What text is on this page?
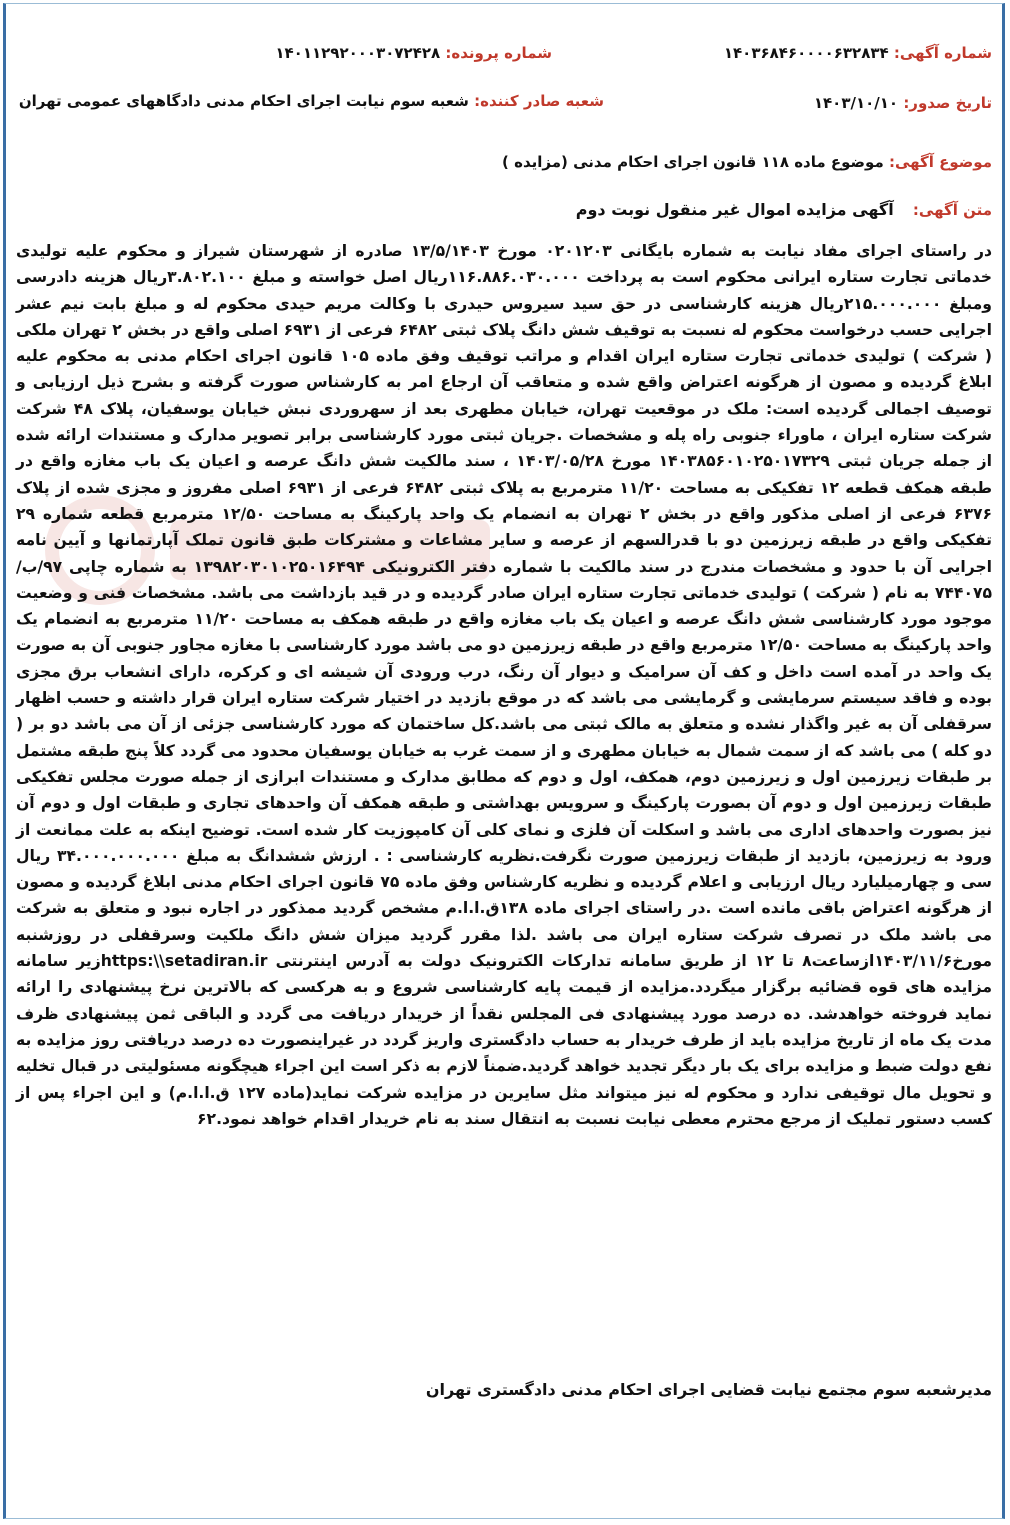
شماره آگهی: ۱۴۰۳۶۸۴۶۰۰۰۰۶۳۲۸۳۴
شماره پرونده: ۱۴۰۱۱۲۹۲۰۰۰۳۰۷۲۴۲۸
تاریخ صدور: ۱۴۰۳/۱۰/۱۰
شعبه صادر کننده: شعبه سوم نیابت اجرای احکام مدنی دادگاههای عمومی تهران
موضوع آگهی: موضوع ماده ۱۱۸ قانون اجرای احکام مدنی (مزایده )
متن آگهی: آگهی مزایده اموال غیر منقول نوبت دوم
در راستای اجرای مفاد نیابت به شماره بایگانی ۰۲۰۱۲۰۳ مورخ ۱۳/۵/۱۴۰۳ صادره از شهرستان شیراز و محکوم علیه تولیدی خدماتی تجارت ستاره ایرانی محکوم است به پرداخت ۱۱۶.۸۸۶.۰۳۰.۰۰۰ریال اصل خواسته و مبلغ ۳.۸۰۲.۱۰۰ریال هزینه دادرسی ومبلغ ۲۱۵.۰۰۰.۰۰۰ریال هزینه کارشناسی در حق سید سیروس حیدری با وکالت مریم حیدی محکوم له و مبلغ بابت نیم عشر اجرایی حسب درخواست محکوم له نسبت به توقیف شش دانگ پلاک ثبتی ۶۴۸۲ فرعی از ۶۹۳۱ اصلی واقع در بخش ۲ تهران ملکی ( شرکت ) تولیدی خدماتی تجارت ستاره ایران اقدام و مراتب توقیف وفق ماده ۱۰۵ قانون اجرای احکام مدنی به محکوم علیه ابلاغ گردیده و مصون از هرگونه اعتراض واقع شده و متعاقب آن ارجاع امر به کارشناس صورت گرفته و بشرح ذیل ارزیابی و توصیف اجمالی گردیده است: ملک در موقعیت تهران، خیابان مطهری بعد از سهروردی نبش خیابان یوسفیان، پلاک ۴۸ شرکت شرکت ستاره ایران ، ماوراء جنوبی راه پله و مشخصات .جریان ثبتی مورد کارشناسی برابر تصویر مدارک و مستندات ارائه شده از جمله جریان ثبتی ۱۴۰۳۸۵۶۰۱۰۲۵۰۱۷۳۲۹ مورخ ۱۴۰۳/۰۵/۲۸ ، سند مالکیت شش دانگ عرصه و اعیان یک باب مغازه واقع در طبقه همکف قطعه ۱۲ تفکیکی به مساحت ۱۱/۲۰ مترمربع به پلاک ثبتی ۶۴۸۲ فرعی از ۶۹۳۱ اصلی مفروز و مجزی شده از پلاک ۶۳۷۶ فرعی از اصلی مذکور واقع در بخش ۲ تهران به انضمام یک واحد پارکینگ به مساحت ۱۲/۵۰ مترمربع قطعه شماره ۲۹ تفکیکی واقع در طبقه زیرزمین دو با قدرالسهم از عرصه و سایر مشاعات و مشترکات طبق قانون تملک آپارتمانها و آیین نامه اجرایی آن با حدود و مشخصات مندرج در سند مالکیت با شماره دفتر الکترونیکی ۱۳۹۸۲۰۳۰۱۰۲۵۰۱۶۴۹۴ به شماره چاپی ۹۷/ب/۷۴۴۰۷۵ به نام ( شرکت ) تولیدی خدماتی تجارت ستاره ایران صادر گردیده و در قید بازداشت می باشد. مشخصات فنی و وضعیت موجود مورد کارشناسی شش دانگ عرصه و اعیان یک باب مغازه واقع در طبقه همکف به مساحت ۱۱/۲۰ مترمربع به انضمام یک واحد پارکینگ به مساحت ۱۲/۵۰ مترمربع واقع در طبقه زیرزمین دو می باشد مورد کارشناسی با مغازه مجاور جنوبی آن به صورت یک واحد در آمده است داخل و کف آن سرامیک و دیوار آن رنگ، درب ورودی آن شیشه ای و کرکره، دارای انشعاب برق مجزی بوده و فاقد سیستم سرمایشی و گرمایشی می باشد که در موقع بازدید در اختیار شرکت ستاره ایران قرار داشته و حسب اظهار سرقفلی آن به غیر واگذار نشده و متعلق به مالک ثبتی می باشد.کل ساختمان که مورد کارشناسی جزئی از آن می باشد دو بر ( دو کله ) می باشد که از سمت شمال به خیابان مطهری و از سمت غرب به خیابان یوسفیان محدود می گردد کلاً پنج طبقه مشتمل بر طبقات زیرزمین اول و زیرزمین دوم، همکف، اول و دوم که مطابق مدارک و مستندات ابرازی از جمله صورت مجلس تفکیکی طبقات زیرزمین اول و دوم آن بصورت پارکینگ و سرویس بهداشتی و طبقه همکف آن واحدهای تجاری و طبقات اول و دوم آن نیز بصورت واحدهای اداری می باشد و اسکلت آن فلزی و نمای کلی آن کامپوزیت کار شده است. توضیح اینکه به علت ممانعت از ورود به زیرزمین، بازدید از طبقات زیرزمین صورت نگرفت.نظریه کارشناسی : . ارزش ششدانگ به مبلغ ۳۴.۰۰۰.۰۰۰.۰۰۰ ریال سی و چهارمیلیارد ریال ارزیابی و اعلام گردیده و نظریه کارشناس وفق ماده ۷۵ قانون اجرای احکام مدنی ابلاغ گردیده و مصون از هرگونه اعتراض باقی مانده است .در راستای اجرای ماده ۱۳۸ق.ا.ا.م مشخص گردید ممذکور در اجاره نبود و متعلق به شرکت می باشد ملک در تصرف شرکت ستاره ایران می باشد .لذا مقرر گردید میزان شش دانگ ملکیت وسرقفلی در روزشنبه مورخ۱۴۰۳/۱۱/۶ازساعت۸ تا ۱۲ از طریق سامانه تدارکات الکترونیک دولت به آدرس اینترنتی https:\\setadiran.irزیر سامانه مزایده های قوه قضائیه برگزار میگردد.مزایده از قیمت پایه کارشناسی شروع و به هرکسی که بالاترین نرخ پیشنهادی را ارائه نماید فروخته خواهدشد. ده درصد مورد پیشنهادی فی المجلس نقداً از خریدار دریافت می گردد و الباقی ثمن پیشنهادی ظرف مدت یک ماه از تاریخ مزایده باید از طرف خریدار به حساب دادگستری واریز گردد در غیراینصورت ده درصد دریافتی روز مزایده به نفع دولت ضبط و مزایده برای یک بار دیگر تجدید خواهد گردید.ضمناً لازم به ذکر است این اجراء هیچگونه مسئولیتی در قبال تخلیه و تحویل مال توقیفی ندارد و محکوم له نیز میتواند مثل سایرین در مزایده شرکت نماید(ماده ۱۲۷ ق.ا.ا.م) و این اجراء پس از کسب دستور تملیک از مرجع محترم معطی نیابت نسبت به انتقال سند به نام خریدار اقدام خواهد نمود.۶۲
مدیرشعبه سوم مجتمع نیابت قضایی اجرای احکام مدنی دادگستری تهران
